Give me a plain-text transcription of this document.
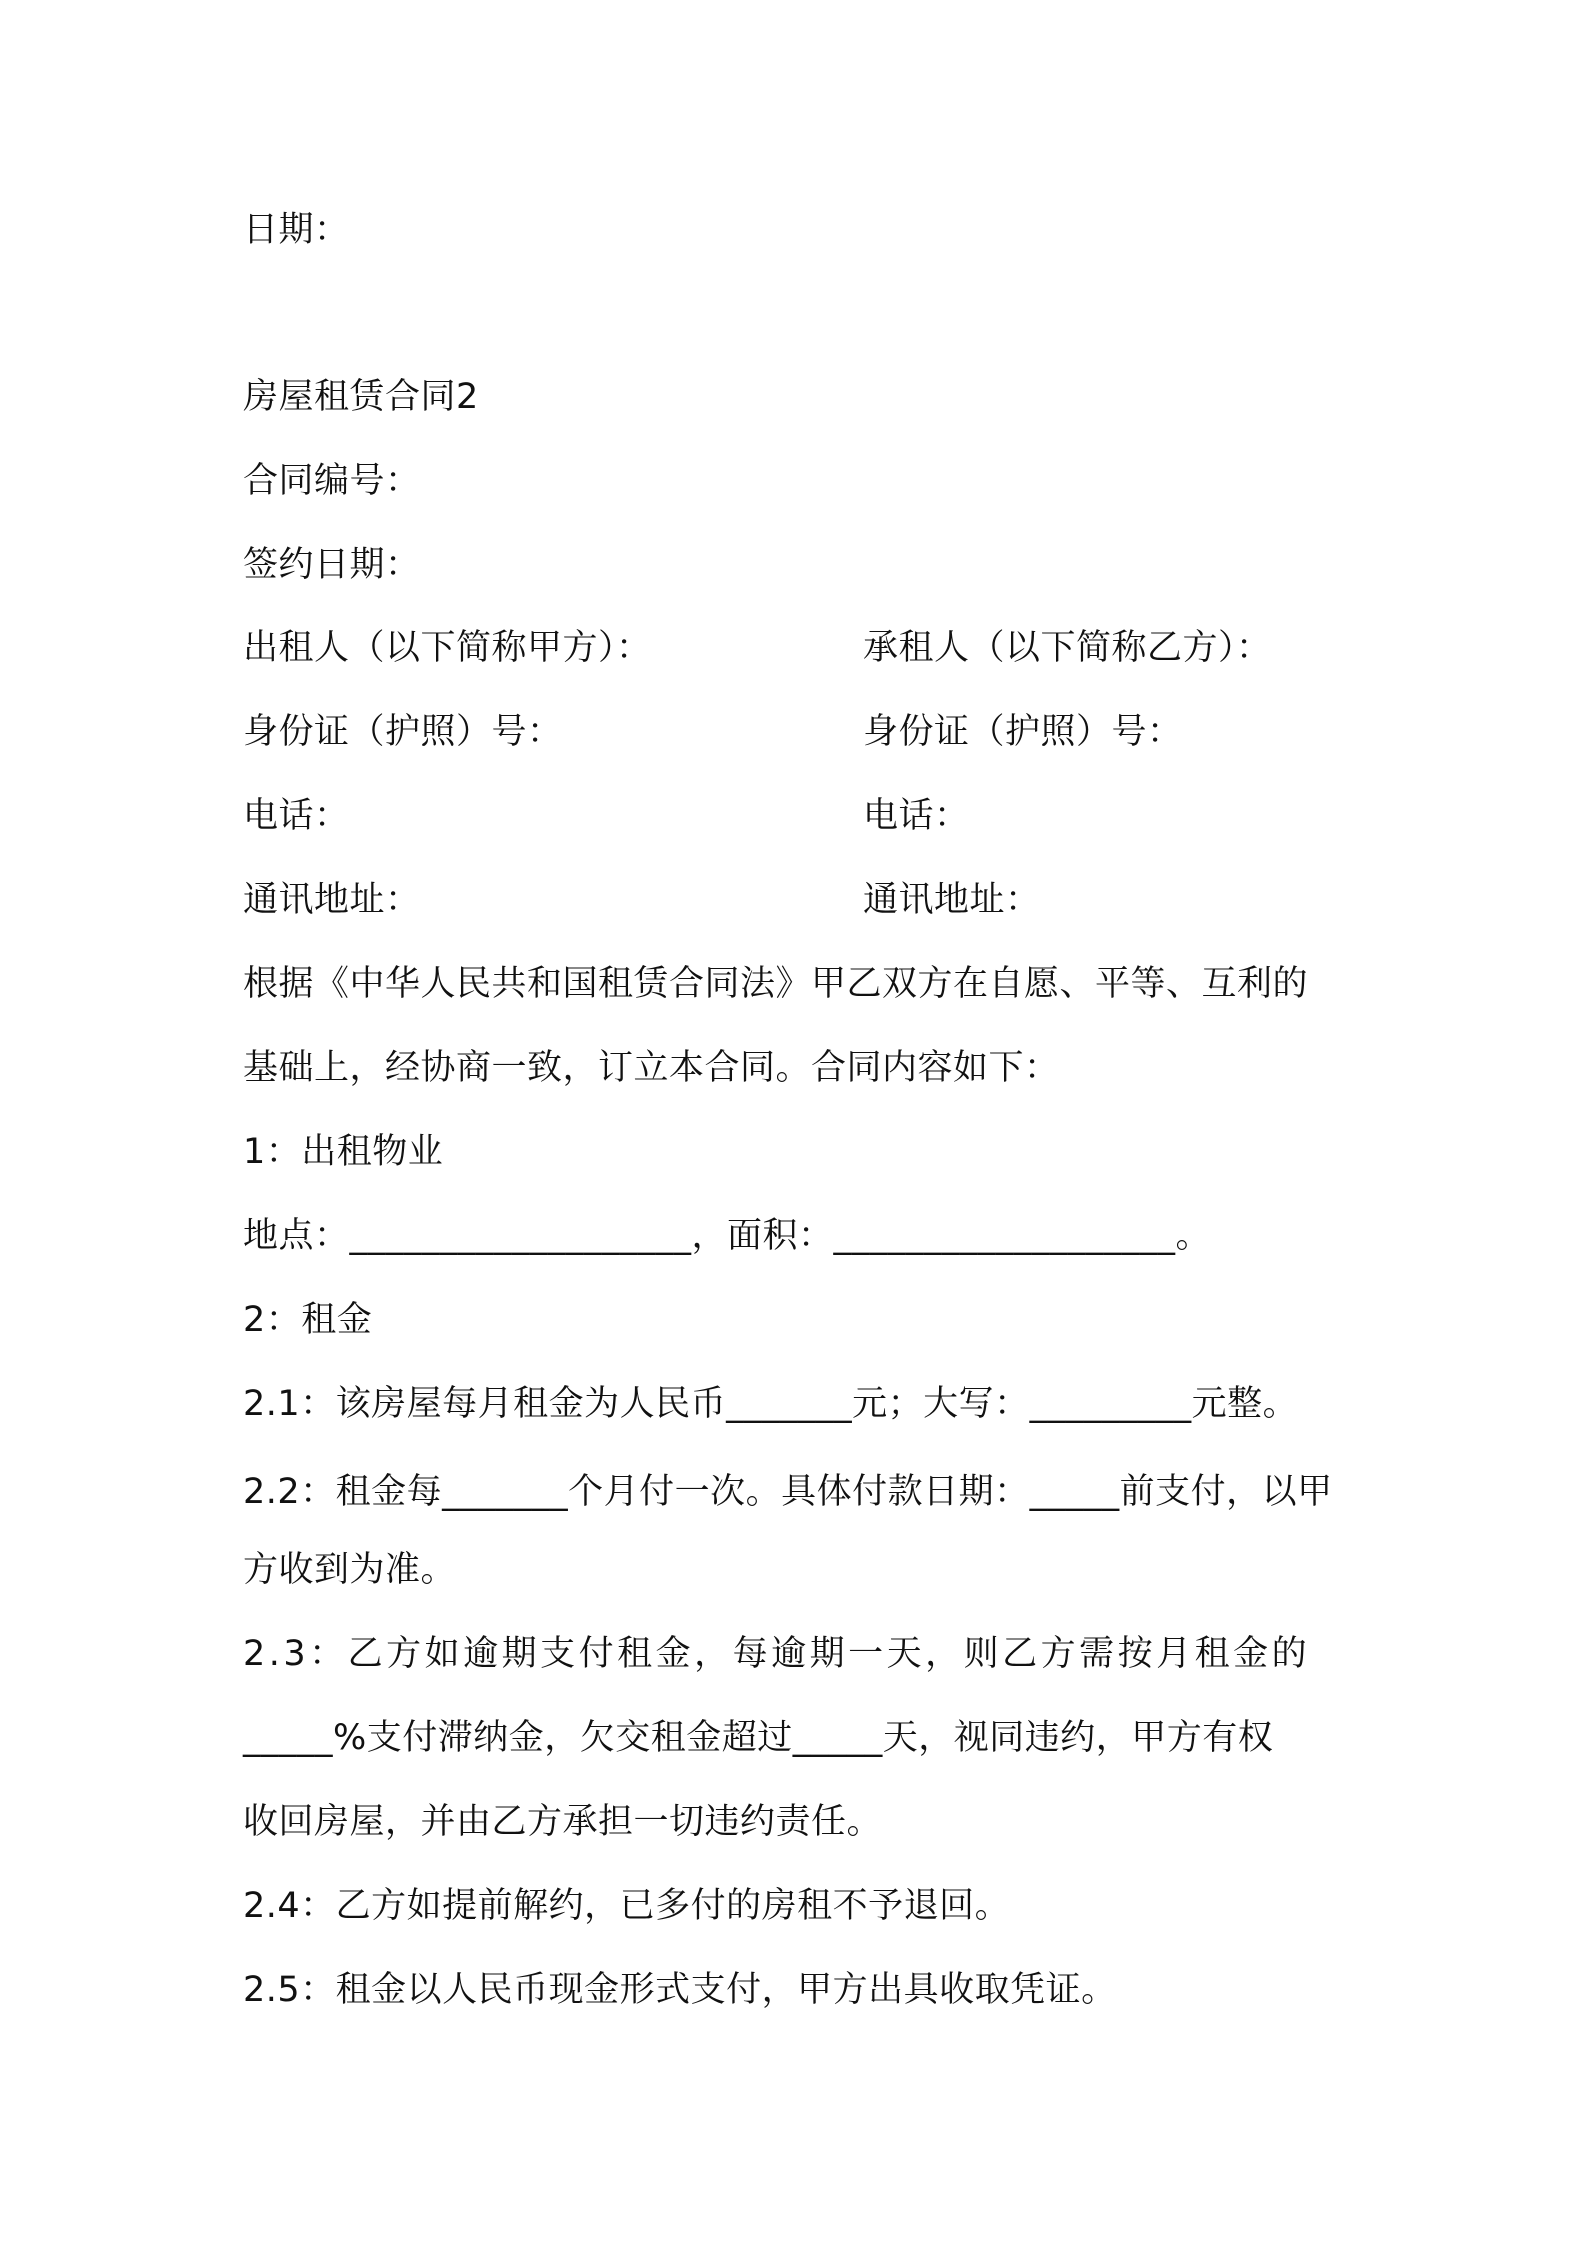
日期：
房屋租赁合同2
合同编号：
签约日期：
出租人（以下简称甲方）：
身份证（护照）号：
电话：
通讯地址：
承租人（以下简称乙方）：
身份证（护照）号：
电话：
通讯地址：
根据《中华人民共和国租赁合同法》甲乙双方在自愿、平等、互利的
基础上，经协商一致，订立本合同。合同内容如下：
1：出租物业
地点：___________________，面积：___________________。
2：租金
2.1：该房屋每月租金为人民币_______元；大写：_________元整。
2.2：租金每_______个月付一次。具体付款日期：_____前支付，以甲
方收到为准。
2.3：乙方如逾期支付租金，每逾期一天，则乙方需按月租金的
_____%支付滞纳金，欠交租金超过_____天，视同违约，甲方有权
收回房屋，并由乙方承担一切违约责任。
2.4：乙方如提前解约，已多付的房租不予退回。
2.5：租金以人民币现金形式支付，甲方出具收取凭证。
